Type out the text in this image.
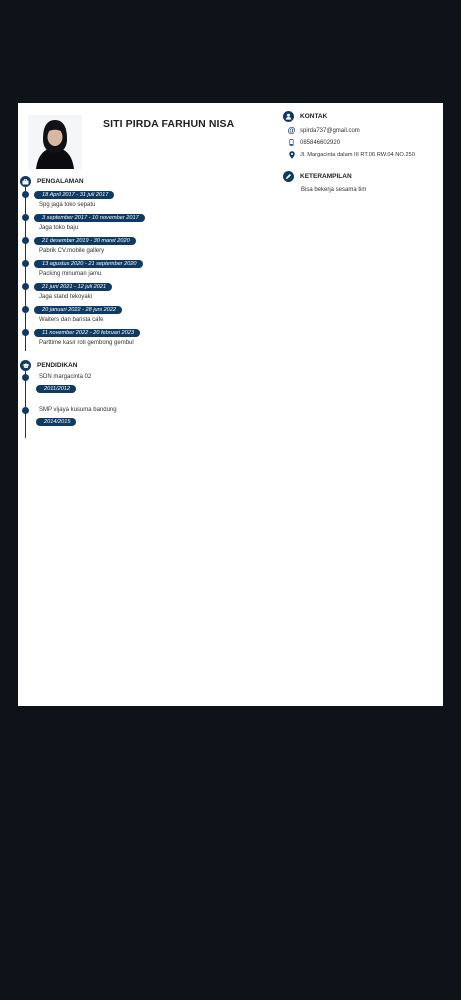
SITI PIRDA FARHUN NISA
PENGALAMAN
18 April 2017 - 31 juli 2017
Spg jaga toko sepatu
3 september 2017 - 10 november 2017
Jaga toko baju
21 desember 2019 - 30 maret 2020
Pabrik CV.mobile gallery
13 agustus 2020 - 21 september 2020
Packing minuman jamu
21 juni 2021 - 12 juli 2021
Jaga stand tekoyaki
20 januari 2022 - 28 juni 2022
Waiters dan barista cafe
11 november 2022 - 20 februari 2023
Parttime kasir roti gembong gembul
PENDIDIKAN
SDN margacinta 02
2011/2012
SMP vijaya kusuma bandung
2014/2015
KONTAK
@ spirda737@gmail.com
085846602920
Jl. Margacinta dalam III RT.06 RW.04 NO.250
KETERAMPILAN
Bisa bekerja sesama tim
